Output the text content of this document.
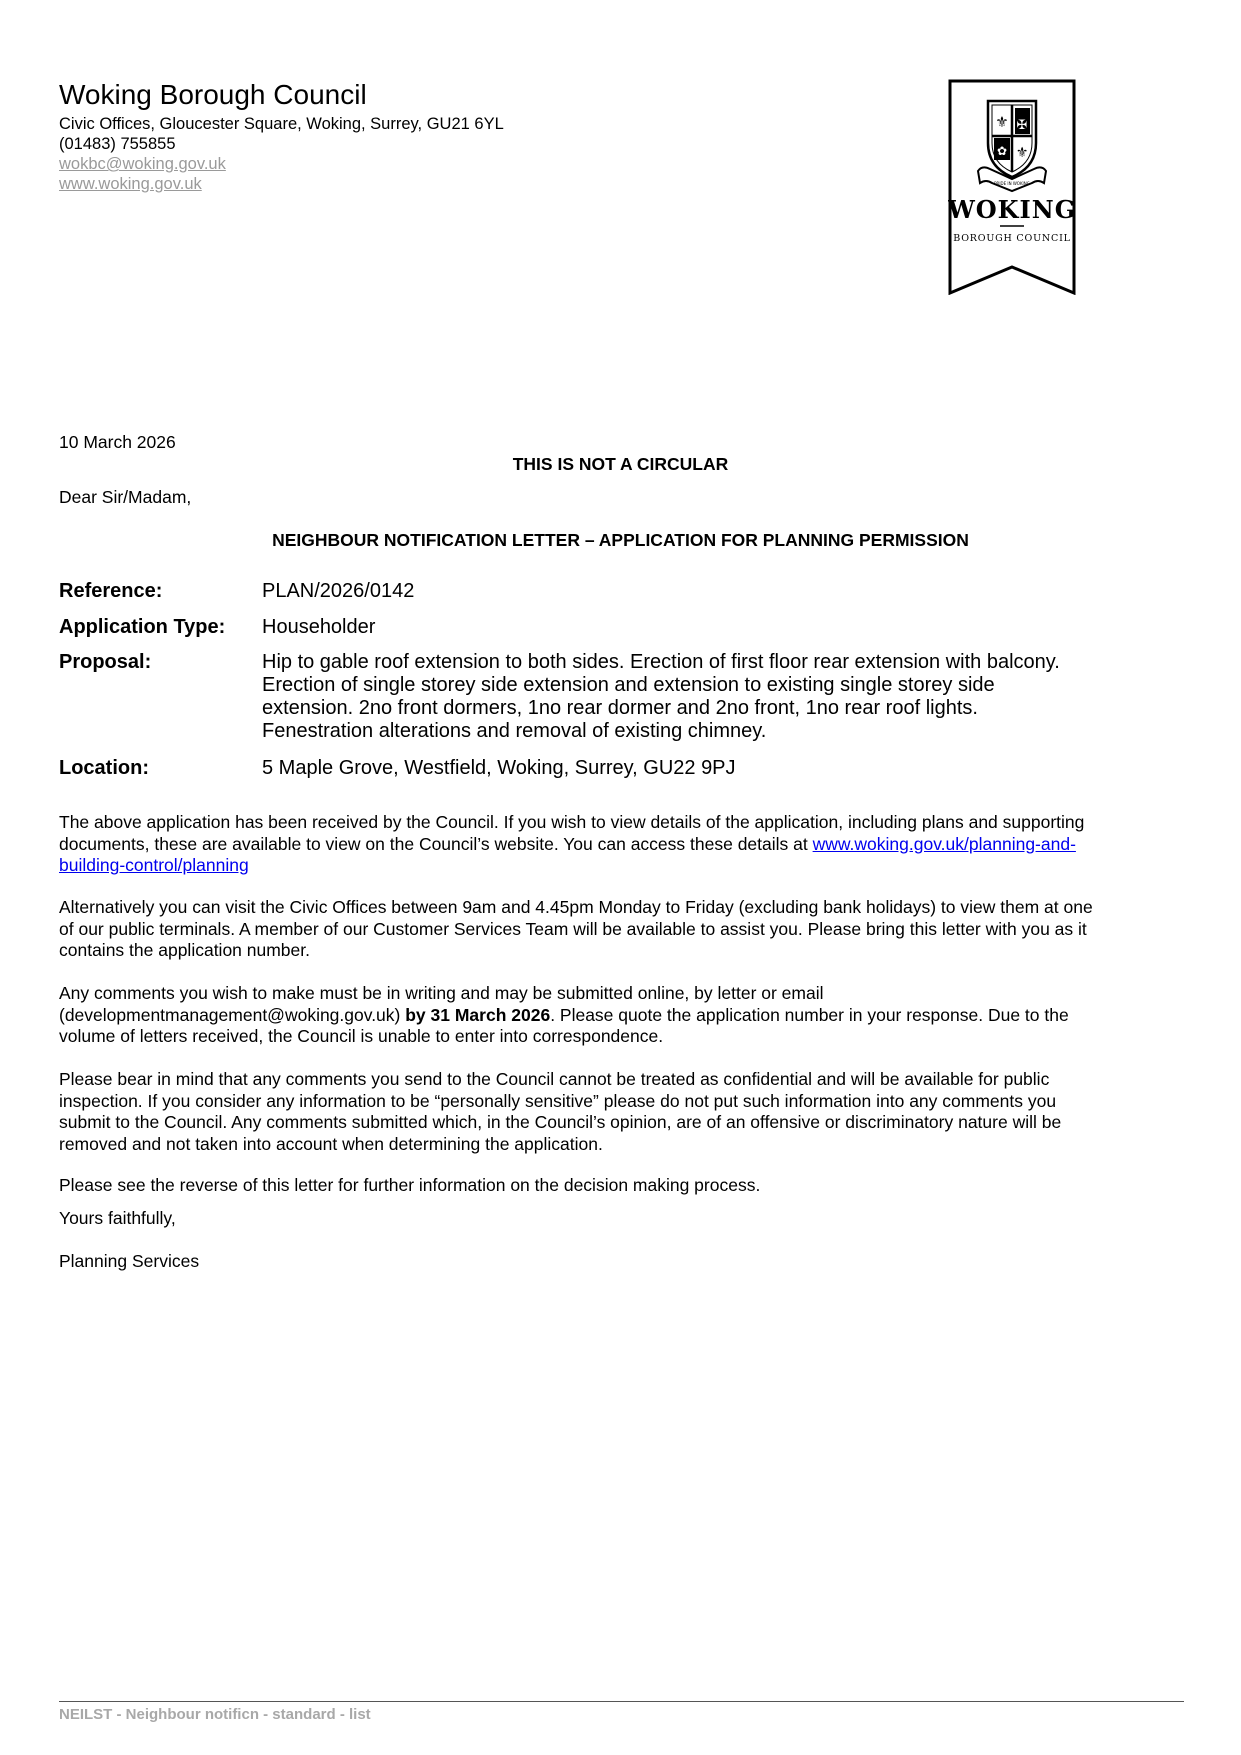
Woking Borough Council
Civic Offices, Gloucester Square, Woking, Surrey, GU21 6YL
(01483) 755855
wokbc@woking.gov.uk
www.woking.gov.uk
⚜ ✠
⚜
✿
PRIDE IN WOKING
WOKING
BOROUGH COUNCIL
10 March 2026
THIS IS NOT A CIRCULAR
Dear Sir/Madam,
NEIGHBOUR NOTIFICATION LETTER – APPLICATION FOR PLANNING PERMISSION
Reference:	PLAN/2026/0142
Application Type: Householder
Proposal:	Hip to gable roof extension to both sides. Erection of first floor rear extension with balcony.
Erection of single storey side extension and extension to existing single storey side
extension. 2no front dormers, 1no rear dormer and 2no front, 1no rear roof lights.
Fenestration alterations and removal of existing chimney.
Location:	5 Maple Grove, Westfield, Woking, Surrey, GU22 9PJ
The above application has been received by the Council. If you wish to view details of the application, including plans and supporting
documents, these are available to view on the Council’s website. You can access these details at www.woking.gov.uk/planning-and-
building-control/planning
Alternatively you can visit the Civic Offices between 9am and 4.45pm Monday to Friday (excluding bank holidays) to view them at one
of our public terminals. A member of our Customer Services Team will be available to assist you. Please bring this letter with you as it
contains the application number.
Any comments you wish to make must be in writing and may be submitted online, by letter or email
(developmentmanagement@woking.gov.uk) by 31 March 2026. Please quote the application number in your response. Due to the
volume of letters received, the Council is unable to enter into correspondence.
Please bear in mind that any comments you send to the Council cannot be treated as confidential and will be available for public
inspection. If you consider any information to be “personally sensitive” please do not put such information into any comments you
submit to the Council. Any comments submitted which, in the Council’s opinion, are of an offensive or discriminatory nature will be
removed and not taken into account when determining the application.
Please see the reverse of this letter for further information on the decision making process.
Yours faithfully,
Planning Services
NEILST - Neighbour notificn - standard - list
